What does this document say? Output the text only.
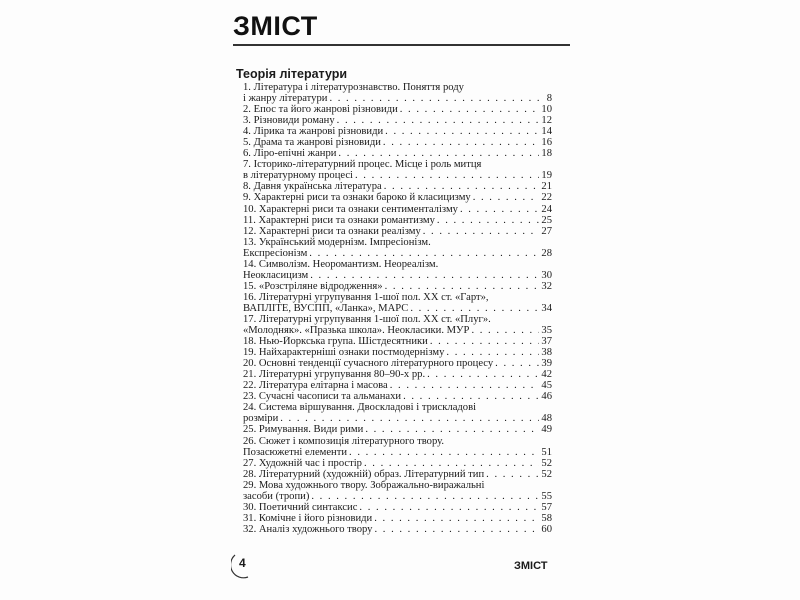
ЗМІСТ
Теорія літератури
1. Література і літературознавство. Поняття роду
і жанру літератури . . .	8
2. Епос та його жанрові різновиди . . .	10
3. Різновиди роману . . .	12
4. Лірика та жанрові різновиди . . .	14
5. Драма та жанрові різновиди . . .	16
6. Ліро-епічні жанри . . .	18
7. Історико-літературний процес. Місце і роль митця
в літературному процесі . . .	19
8. Давня українська література . . .	21
9. Характерні риси та ознаки бароко й класицизму . . .	22
10. Характерні риси та ознаки сентименталізму . . .	24
11. Характерні риси та ознаки романтизму . . .	25
12. Характерні риси та ознаки реалізму . . .	27
13. Український модернізм. Імпресіонізм.
Експресіонізм . . .	28
14. Символізм. Неоромантизм. Неореалізм.
Неокласицизм . . .	30
15. «Розстріляне відродження» . . .	32
16. Літературні угрупування 1-шої пол. XX ст. «Гарт»,
ВАПЛІТЕ, ВУСПП, «Ланка», МАРС . . .	34
17. Літературні угрупування 1-шої пол. XX ст. «Плуг».
«Молодняк». «Празька школа». Неокласики. МУР . . .	35
18. Нью-Йоркська група. Шістдесятники . . .	37
19. Найхарактерніші ознаки постмодернізму . . .	38
20. Основні тенденції сучасного літературного процесу . . .	39
21. Літературні угрупування 80–90-х рр. . . .	42
22. Література елітарна і масова . . .	45
23. Сучасні часописи та альманахи . . .	46
24. Система віршування. Двоскладові і трискладові
розміри . . .	48
25. Римування. Види рими . . .	49
26. Сюжет і композиція літературного твору.
Позасюжетні елементи . . .	51
27. Художній час і простір . . .	52
28. Літературний (художній) образ. Літературний тип . . .	52
29. Мова художнього твору. Зображально-виражальні
засоби (тропи) . . .	55
30. Поетичний синтаксис . . .	57
31. Комічне і його різновиди . . .	58
32. Аналіз художнього твору . . .	60
4	ЗМІСТ
